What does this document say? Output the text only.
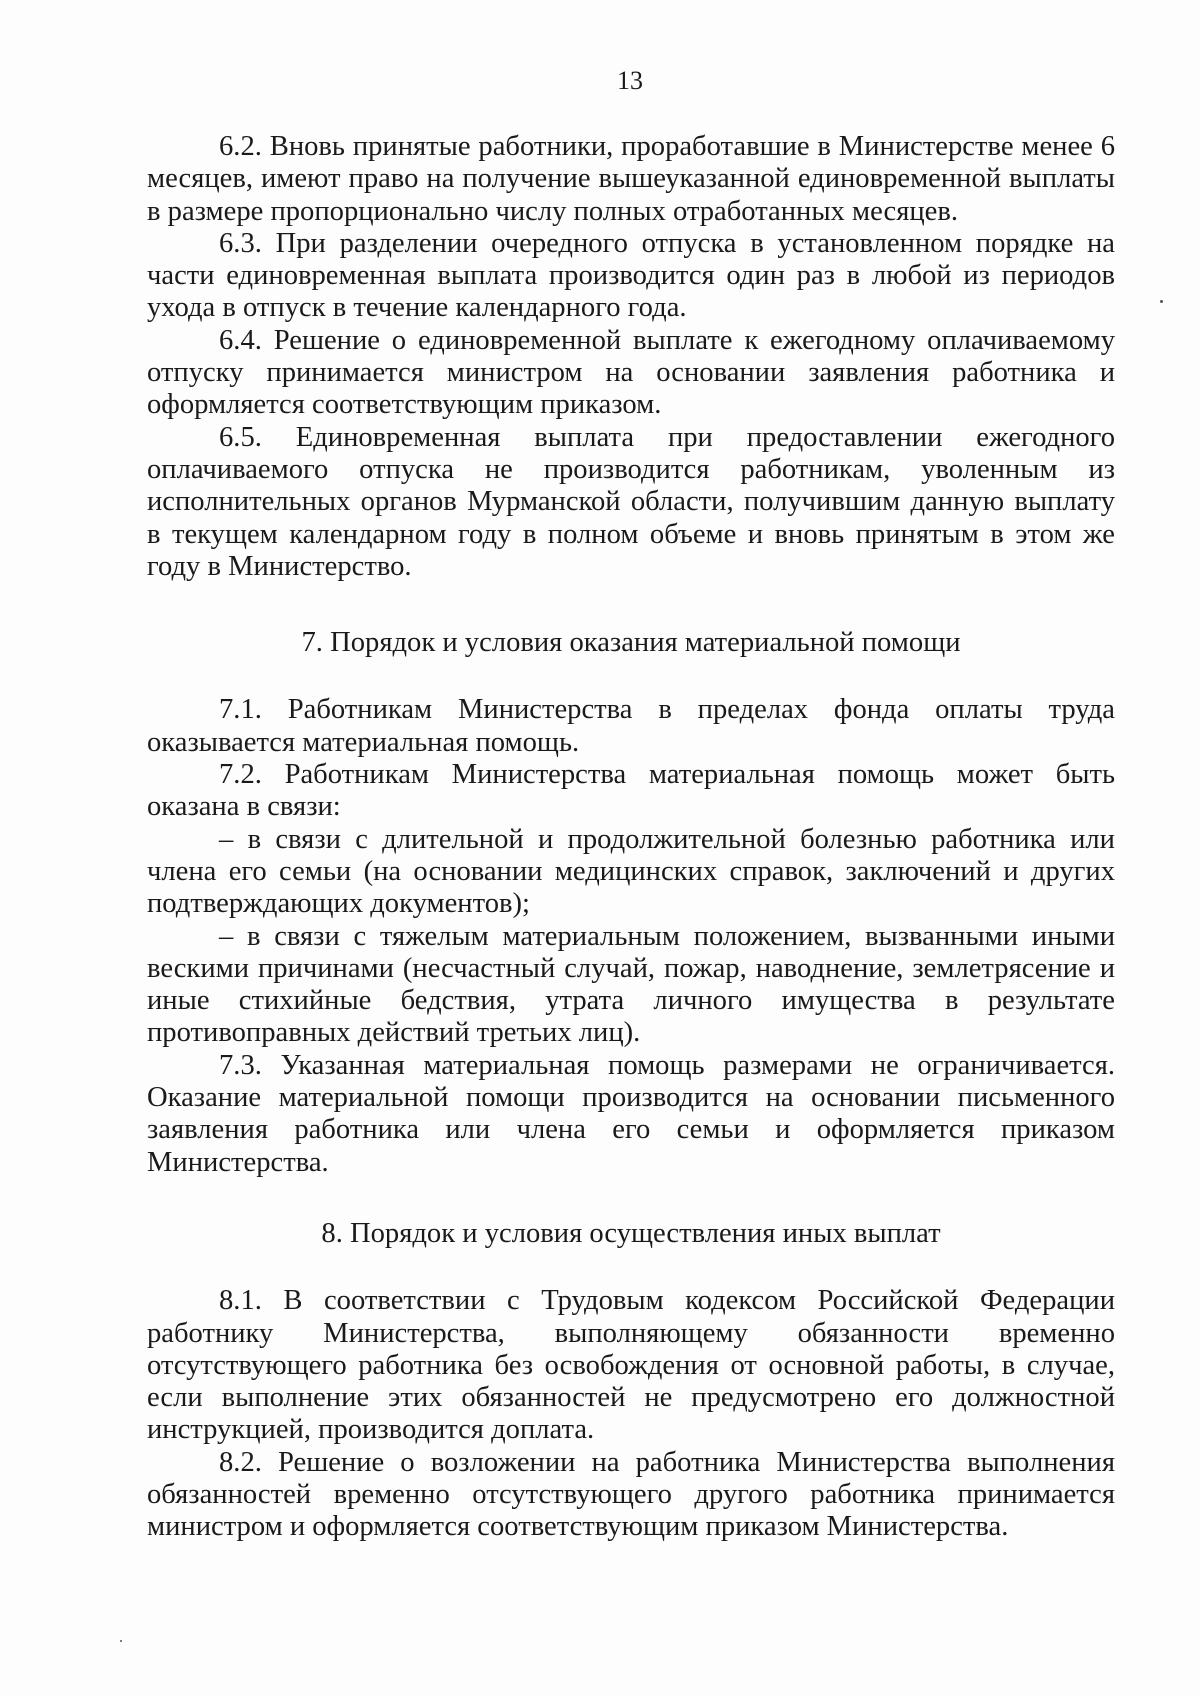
13

6.2. Вновь принятые работники, проработавшие в Министерстве менее 6 месяцев, имеют право на получение вышеуказанной единовременной выплаты в размере пропорционально числу полных отработанных месяцев.

6.3. При разделении очередного отпуска в установленном порядке на части единовременная выплата производится один раз в любой из периодов ухода в отпуск в течение календарного года.

6.4. Решение о единовременной выплате к ежегодному оплачиваемому отпуску принимается министром на основании заявления работника и оформляется соответствующим приказом.

6.5. Единовременная выплата при предоставлении ежегодного оплачиваемого отпуска не производится работникам, уволенным из исполнительных органов Мурманской области, получившим данную выплату в текущем календарном году в полном объеме и вновь принятым в этом же году в Министерство.

7. Порядок и условия оказания материальной помощи

7.1. Работникам Министерства в пределах фонда оплаты труда оказывается материальная помощь.

7.2. Работникам Министерства материальная помощь может быть оказана в связи:

– в связи с длительной и продолжительной болезнью работника или члена его семьи (на основании медицинских справок, заключений и других подтверждающих документов);

– в связи с тяжелым материальным положением, вызванными иными вескими причинами (несчастный случай, пожар, наводнение, землетрясение и иные стихийные бедствия, утрата личного имущества в результате противоправных действий третьих лиц).

7.3. Указанная материальная помощь размерами не ограничивается. Оказание материальной помощи производится на основании письменного заявления работника или члена его семьи и оформляется приказом Министерства.

8. Порядок и условия осуществления иных выплат

8.1. В соответствии с Трудовым кодексом Российской Федерации работнику Министерства, выполняющему обязанности временно отсутствующего работника без освобождения от основной работы, в случае, если выполнение этих обязанностей не предусмотрено его должностной инструкцией, производится доплата.

8.2. Решение о возложении на работника Министерства выполнения обязанностей временно отсутствующего другого работника принимается министром и оформляется соответствующим приказом Министерства.
